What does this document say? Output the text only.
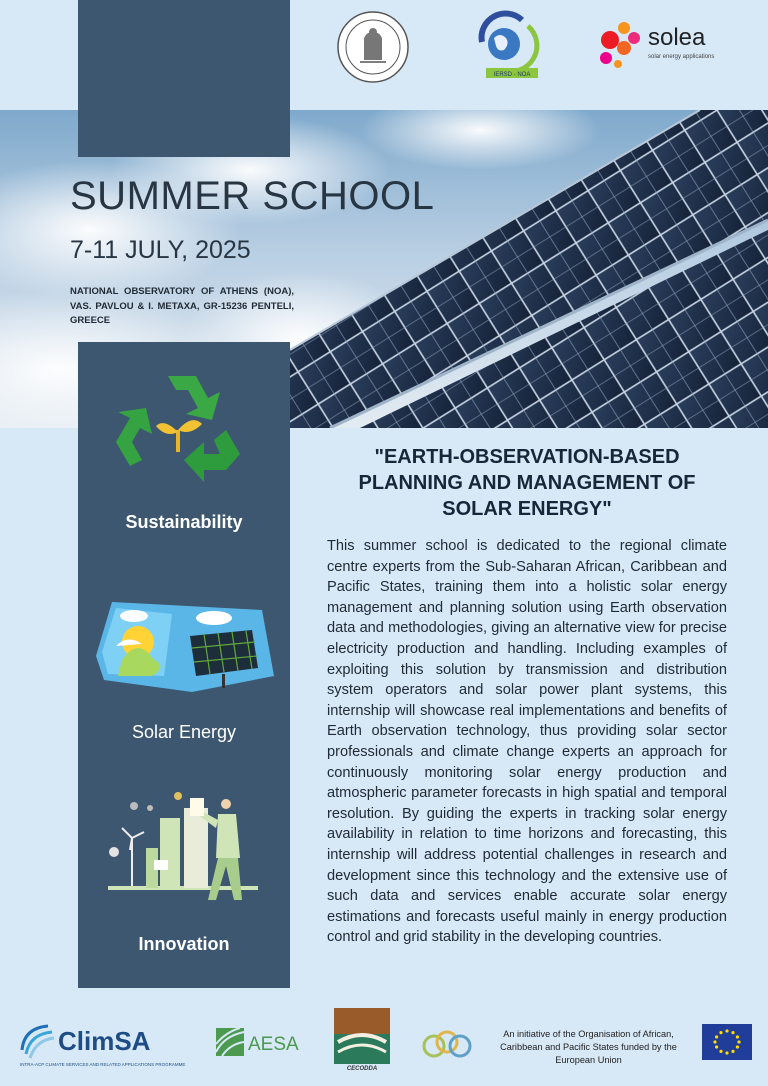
IERSD - NOA
solea
solar energy applications
SUMMER SCHOOL
7-11 JULY, 2025
NATIONAL OBSERVATORY OF ATHENS (NOA), VAS. PAVLOU & I. METAXA, GR-15236 PENTELI, GREECE
Sustainability
Solar Energy
Innovation
"EARTH-OBSERVATION-BASED PLANNING AND MANAGEMENT OF SOLAR ENERGY"
This summer school is dedicated to the regional climate centre experts from the Sub-Saharan African, Caribbean and Pacific States, training them into a holistic solar energy management and planning solution using Earth observation data and methodologies, giving an alternative view for precise electricity production and handling. Including examples of exploiting this solution by transmission and distribution system operators and solar power plant systems, this internship will showcase real implementations and benefits of Earth observation technology, thus providing solar sector professionals and climate change experts an approach for continuously monitoring solar energy production and atmospheric parameter forecasts in high spatial and temporal resolution. By guiding the experts in tracking solar energy availability in relation to time horizons and forecasting, this internship will address potential challenges in research and development since this technology and the extensive use of such data and services enable accurate solar energy estimations and forecasts useful mainly in energy production control and grid stability in the developing countries.
ClimSA
INTRA-ACP CLIMATE SERVICES AND RELATED APPLICATIONS PROGRAMME
AESA
CECODDA
An initiative of the Organisation of African, Caribbean and Pacific States funded by the European Union
